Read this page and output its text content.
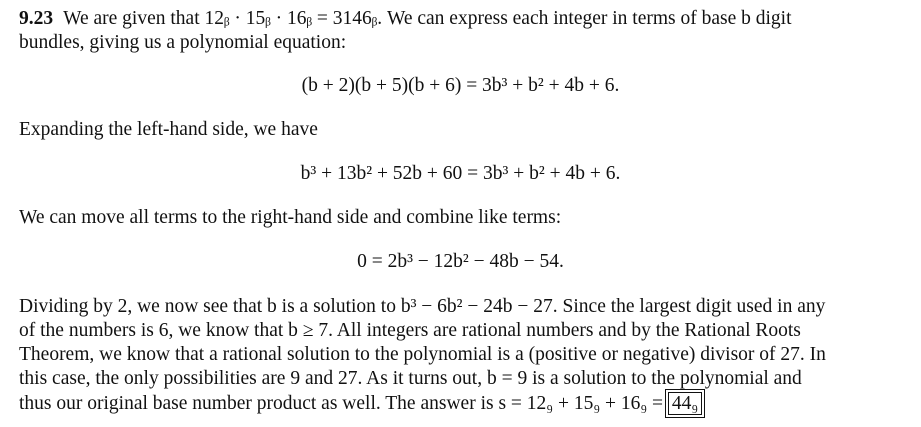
9.23 We are given that 12ᵦ · 15ᵦ · 16ᵦ = 3146ᵦ. We can express each integer in terms of base b digit
bundles, giving us a polynomial equation:
(b + 2)(b + 5)(b + 6) = 3b³ + b² + 4b + 6.
Expanding the left-hand side, we have
b³ + 13b² + 52b + 60 = 3b³ + b² + 4b + 6.
We can move all terms to the right-hand side and combine like terms:
0 = 2b³ − 12b² − 48b − 54.
Dividing by 2, we now see that b is a solution to b³ − 6b² − 24b − 27. Since the largest digit used in any
of the numbers is 6, we know that b ≥ 7. All integers are rational numbers and by the Rational Roots
Theorem, we know that a rational solution to the polynomial is a (positive or negative) divisor of 27. In
this case, the only possibilities are 9 and 27. As it turns out, b = 9 is a solution to the polynomial and
thus our original base number product as well. The answer is s = 12₉ + 15₉ + 16₉ = 44₉
